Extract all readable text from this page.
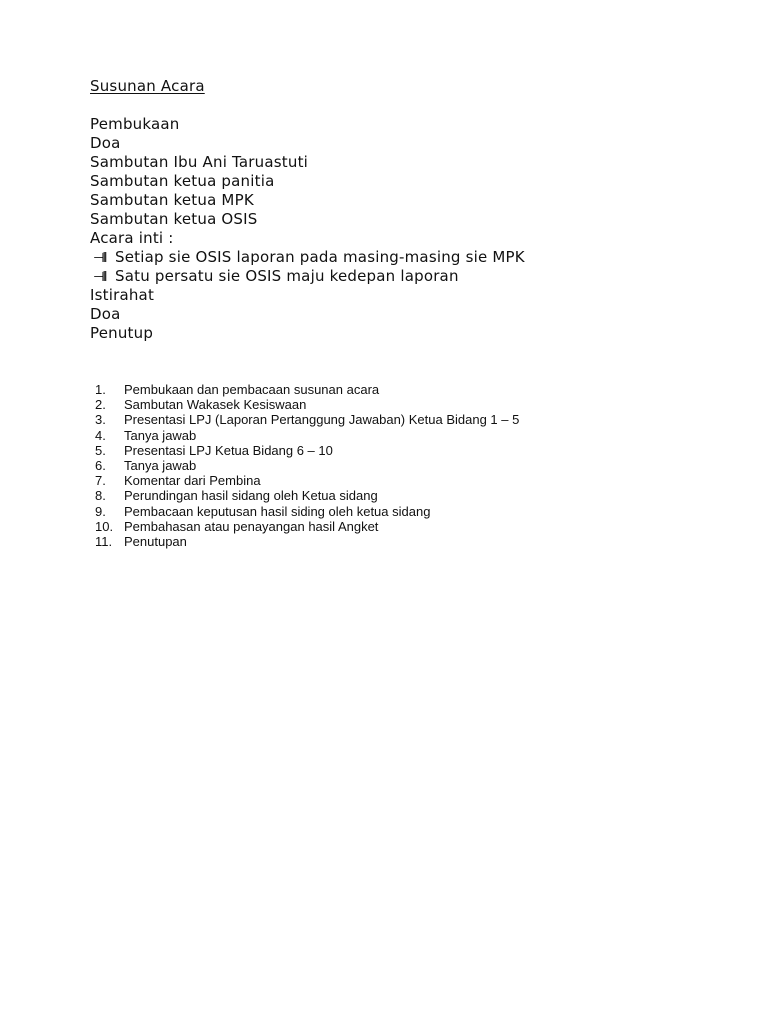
Susunan Acara
Pembukaan
Doa
Sambutan Ibu Ani Taruastuti
Sambutan ketua panitia
Sambutan ketua MPK
Sambutan ketua OSIS
Acara inti :
⊣ll Setiap sie OSIS laporan pada masing-masing sie MPK
⊣ll Satu persatu sie OSIS maju kedepan laporan
Istirahat
Doa
Penutup
1.	Pembukaan dan pembacaan susunan acara
2.	Sambutan Wakasek Kesiswaan
3.	Presentasi LPJ (Laporan Pertanggung Jawaban) Ketua Bidang 1 – 5
4.	Tanya jawab
5.	Presentasi LPJ Ketua Bidang 6 – 10
6.	Tanya jawab
7.	Komentar dari Pembina
8.	Perundingan hasil sidang oleh Ketua sidang
9.	Pembacaan keputusan hasil siding oleh ketua sidang
10. Pembahasan atau penayangan hasil Angket
11. Penutupan
